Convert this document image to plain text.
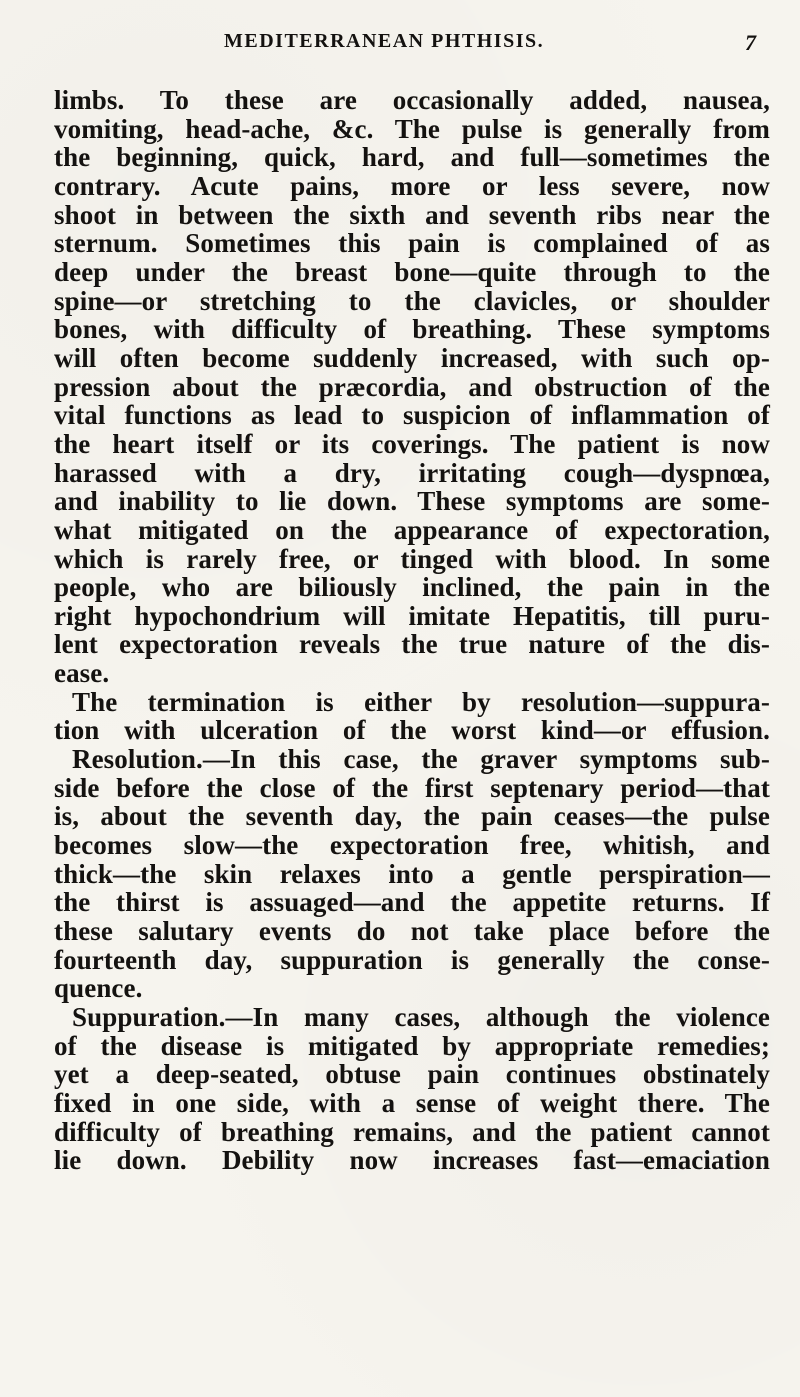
MEDITERRANEAN PHTHISIS.	7
limbs. To these are occasionally added, nausea,
vomiting, head-ache, &c. The pulse is generally from
the beginning, quick, hard, and full—sometimes the
contrary. Acute pains, more or less severe, now
shoot in between the sixth and seventh ribs near the
sternum. Sometimes this pain is complained of as
deep under the breast bone—quite through to the
spine—or stretching to the clavicles, or shoulder
bones, with difficulty of breathing. These symptoms
will often become suddenly increased, with such op-
pression about the præcordia, and obstruction of the
vital functions as lead to suspicion of inflammation of
the heart itself or its coverings. The patient is now
harassed with a dry, irritating cough—dyspnœa,
and inability to lie down. These symptoms are some-
what mitigated on the appearance of expectoration,
which is rarely free, or tinged with blood. In some
people, who are biliously inclined, the pain in the
right hypochondrium will imitate Hepatitis, till puru-
lent expectoration reveals the true nature of the dis-
ease.
The termination is either by resolution—suppura-
tion with ulceration of the worst kind—or effusion.
Resolution.—In this case, the graver symptoms sub-
side before the close of the first septenary period—that
is, about the seventh day, the pain ceases—the pulse
becomes slow—the expectoration free, whitish, and
thick—the skin relaxes into a gentle perspiration—
the thirst is assuaged—and the appetite returns. If
these salutary events do not take place before the
fourteenth day, suppuration is generally the conse-
quence.
Suppuration.—In many cases, although the violence
of the disease is mitigated by appropriate remedies;
yet a deep-seated, obtuse pain continues obstinately
fixed in one side, with a sense of weight there. The
difficulty of breathing remains, and the patient cannot
lie down. Debility now increases fast—emaciation
